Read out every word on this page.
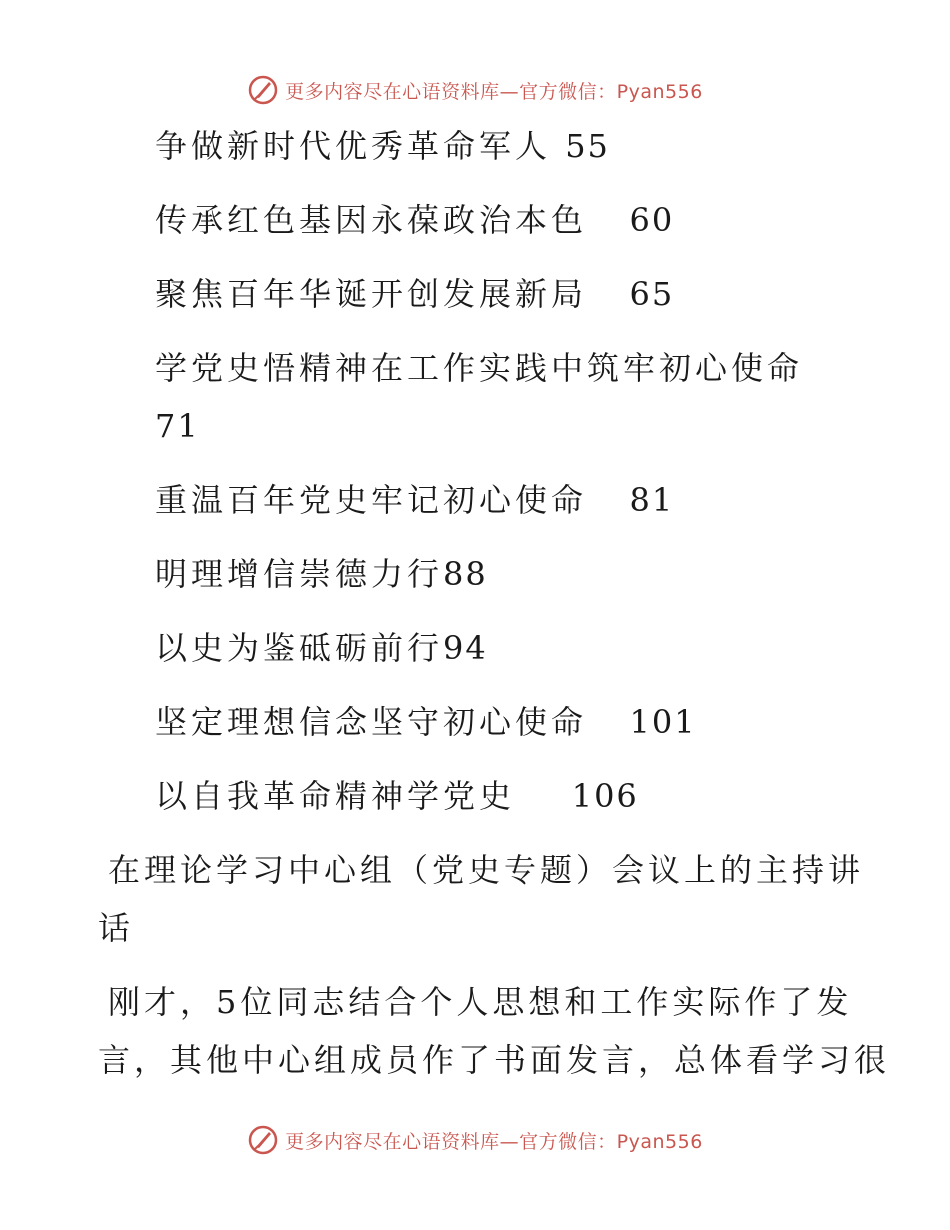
更多内容尽在心语资料库—官方微信：Pyan556
争做新时代优秀革命军人 55
传承红色基因永葆政治本色 60
聚焦百年华诞开创发展新局 65
学党史悟精神在工作实践中筑牢初心使命
71
重温百年党史牢记初心使命 81
明理增信崇德力行88
以史为鉴砥砺前行94
坚定理想信念坚守初心使命 101
以自我革命精神学党史 106
在理论学习中心组（党史专题）会议上的主持讲
话
刚才，5位同志结合个人思想和工作实际作了发
言，其他中心组成员作了书面发言，总体看学习很
更多内容尽在心语资料库—官方微信：Pyan556
